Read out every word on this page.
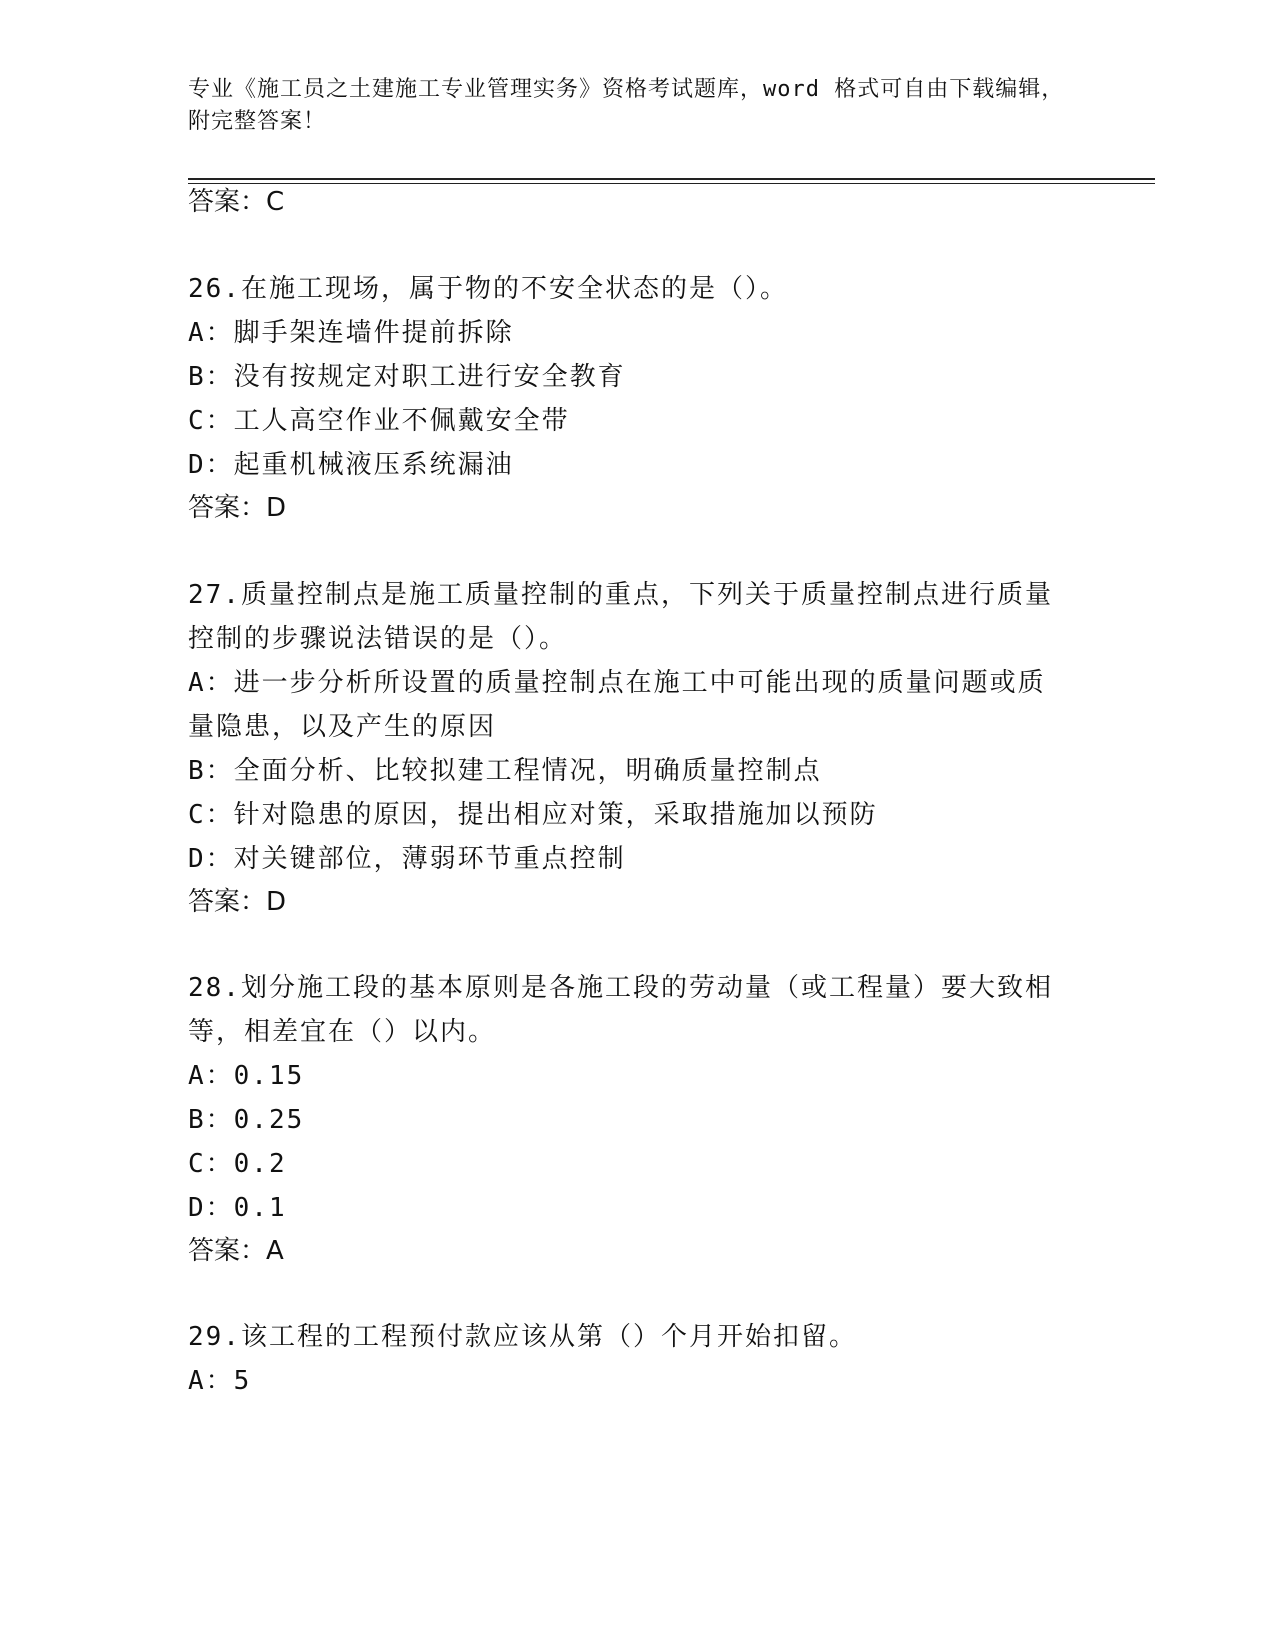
专业《施工员之土建施工专业管理实务》资格考试题库，word 格式可自由下载编辑，附完整答案！
答案：C
26.在施工现场，属于物的不安全状态的是（）。
A：脚手架连墙件提前拆除
B：没有按规定对职工进行安全教育
C：工人高空作业不佩戴安全带
D：起重机械液压系统漏油
答案：D
27.质量控制点是施工质量控制的重点，下列关于质量控制点进行质量
控制的步骤说法错误的是（）。
A：进一步分析所设置的质量控制点在施工中可能出现的质量问题或质
量隐患，以及产生的原因
B：全面分析、比较拟建工程情况，明确质量控制点
C：针对隐患的原因，提出相应对策，采取措施加以预防
D：对关键部位，薄弱环节重点控制
答案：D
28.划分施工段的基本原则是各施工段的劳动量（或工程量）要大致相
等，相差宜在（）以内。
A：0.15
B：0.25
C：0.2
D：0.1
答案：A
29.该工程的工程预付款应该从第（）个月开始扣留。
A：5
